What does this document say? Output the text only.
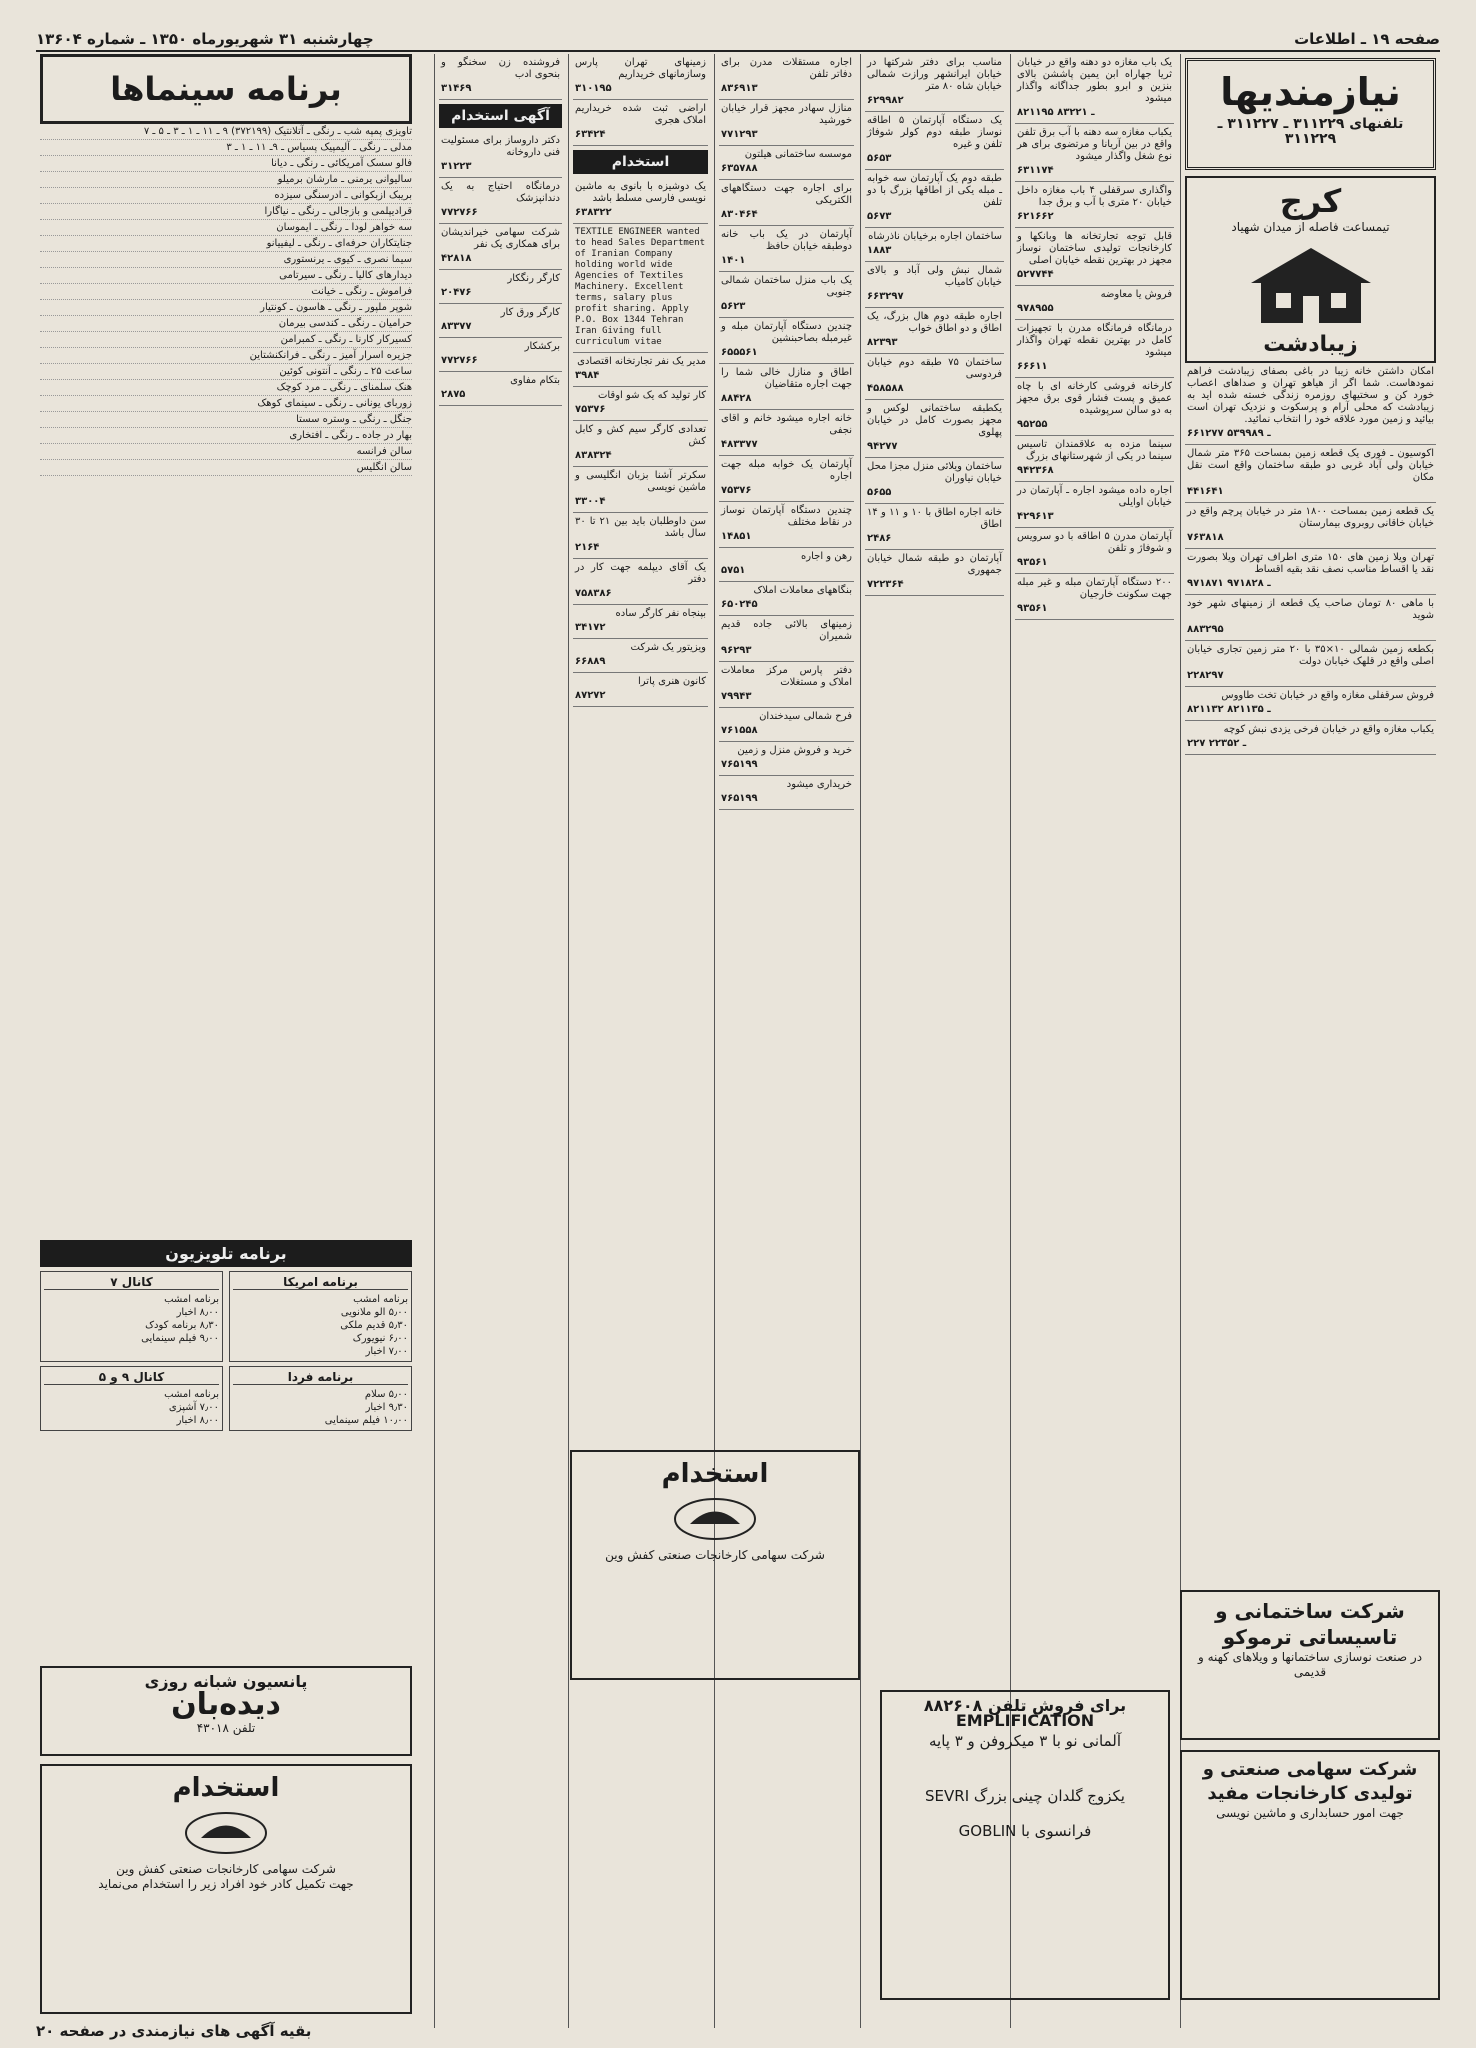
صفحه ۱۹ ـ اطلاعات
چهارشنبه ۳۱ شهریورماه ۱۳۵۰ ـ شماره ۱۳۶۰۴
نیازمندیها
تلفنهای ۳۱۱۲۲۹ ـ ۳۱۱۲۲۷ ـ ۳۱۱۲۲۹
کرج
تیمساعت فاصله از میدان شهیاد
زیبادشت
امکان داشتن خانه زیبا در باغی بصفای زیبادشت فراهم نمودهاست. شما اگر از هیاهو تهران و صداهای اعصاب خورد کن و سختیهای روزمره زندگی خسته شده اید به زیبادشت که محلی آرام و پرسکوت و نزدیک تهران است بیائید و زمین مورد علاقه خود را انتخاب نمائید.
۶۶۱۲۷۷ ـ ۵۳۹۹۸۹
اکوسیون ـ فوری یک قطعه زمین بمساحت ۳۶۵ متر شمال خیابان ولی آباد غربی دو طبقه ساختمان واقع است نقل مکان
۴۴۱۶۴۱
یک قطعه زمین بمساحت ۱۸۰۰ متر در خیابان پرچم واقع در خیابان خاقانی روبروی بیمارستان
۷۶۳۸۱۸
تهران ویلا زمین های ۱۵۰ متری اطراف تهران ویلا بصورت نقد یا اقساط مناسب نصف نقد بقیه اقساط
۹۷۱۸۷۱ ـ ۹۷۱۸۲۸
با ماهی ۸۰ تومان صاحب یک قطعه از زمینهای شهر خود شوید
۸۸۳۲۹۵
بکطعه زمین شمالی ۱۰×۳۵ با ۲۰ متر زمین تجاری خیابان اصلی واقع در قلهک خیابان دولت
۲۲۸۲۹۷
فروش سرقفلی مغازه واقع در خیابان تخت طاووس
۸۲۱۱۳۲ ـ ۸۲۱۱۳۵
یکباب مغازه واقع در خیابان فرخی یزدی نبش کوچه
۲۲۷ ـ ۲۲۳۵۲
یک باب مغازه دو دهنه واقع در خیابان ثریا جهاراه ابن یمین پاششن بالای بنزین و ابرو بطور جداگانه واگذار میشود
۸۲۱۱۹۵ ـ ۸۳۲۲۱
یکباب مغازه سه دهنه با آب برق تلفن واقع در بین آریانا و مرتضوی برای هر نوع شغل واگذار میشود
۶۳۱۱۷۴
واگذاری سرقفلی ۴ باب مغازه داخل خیابان ۲۰ متری با آب و برق جدا
۶۲۱۶۶۲
قابل توجه تجارتخانه ها وبانکها و کارخانجات تولیدی ساختمان نوساز مجهز در بهترین نقطه خیابان اصلی
۵۲۷۷۴۴
فروش یا معاوضه
۹۷۸۹۵۵
درمانگاه فرمانگاه مدرن با تجهیزات کامل در بهترین نقطه تهران واگذار میشود
۶۶۶۱۱
کارخانه فروشی کارخانه ای با چاه عمیق و پست فشار قوی برق مجهز به دو سالن سرپوشیده
۹۵۲۵۵
سینما مزده به علاقمندان تاسیس سینما در یکی از شهرستانهای بزرگ
۹۴۲۳۶۸
اجاره داده میشود اجاره ـ آپارتمان در خیابان اوایلی
۴۲۹۶۱۳
آپارتمان مدرن ۵ اطاقه با دو سرویس و شوفاژ و تلفن
۹۳۵۶۱
۲۰۰ دستگاه آپارتمان مبله و غیر مبله جهت سکونت خارجیان
۹۳۵۶۱
مناسب برای دفتر شرکتها در خیابان ایرانشهر ورازت شمالی خیابان شاه ۸۰ متر
۶۲۹۹۸۲
یک دستگاه آپارتمان ۵ اطاقه نوساز طبقه دوم کولر شوفاژ تلفن و غیره
۵۶۵۳
طبقه دوم یک آپارتمان سه خوابه ـ مبله یکی از اطاقها بزرگ با دو تلفن
۵۶۷۳
ساختمان اجاره برخیابان ناذرشاه
۱۸۸۳
شمال نبش ولی آباد و بالای خیابان کامیاب
۶۶۳۲۹۷
اجاره طبقه دوم هال بزرگ، یک اطاق و دو اطاق خواب
۸۲۳۹۳
ساختمان ۷۵ طبقه دوم خیابان فردوسی
۴۵۸۵۸۸
یکطبقه ساختمانی لوکس و مجهز بصورت کامل در خیابان پهلوی
۹۴۲۷۷
ساختمان ویلائی منزل مجزا محل خیابان نیاوران
۵۶۵۵
خانه اجاره اطاق با ۱۰ و ۱۱ و ۱۴ اطاق
۲۴۸۶
آپارتمان دو طبقه شمال خیابان جمهوری
۷۲۲۳۶۴
اجاره مستقلات مدرن برای دفاتر تلفن
۸۳۶۹۱۳
منازل سهادر مجهز قرار خیابان خورشید
۷۷۱۲۹۳
موسسه ساختمانی هیلتون
۶۳۵۷۸۸
برای اجاره جهت دستگاههای الکتریکی
۸۳۰۴۶۴
آپارتمان در یک باب خانه دوطبقه خیابان حافظ
۱۴۰۱
یک باب منزل ساختمان شمالی جنوبی
۵۶۲۳
چندین دستگاه آپارتمان مبله و غیرمبله بصاحبنشین
۶۵۵۵۶۱
اطاق و منازل خالی شما را جهت اجاره متقاضیان
۸۸۴۲۸
خانه اجاره میشود خانم و اقای نجفی
۴۸۳۳۷۷
آپارتمان یک خوابه مبله جهت اجاره
۷۵۳۷۶
چندین دستگاه آپارتمان نوساز در نقاط مختلف
۱۴۸۵۱
رهن و اجاره
۵۷۵۱
بنگاههای معاملات املاک
۶۵۰۲۴۵
زمینهای بالائی جاده قدیم شمیران
۹۶۲۹۳
دفتر پارس مرکز معاملات املاک و مستغلات
۷۹۹۴۳
فرح شمالی سیدخندان
۷۶۱۵۵۸
خرید و فروش منزل و زمین
۷۶۵۱۹۹
خریداری میشود
۷۶۵۱۹۹
زمینهای تهران پارس وسازمانهای خریداریم
۳۱۰۱۹۵
اراضی ثبت شده خریداریم املاک هجری
۶۳۴۲۴
استخدام
یک دوشیزه با بانوی به ماشین نویسی فارسی مسلط باشد
۶۳۸۳۲۲
TEXTILE ENGINEER wanted to head Sales Department of Iranian Company holding world wide Agencies of Textiles Machinery. Excellent terms, salary plus profit sharing. Apply P.O. Box 1344 Tehran Iran Giving full curriculum vitae
مدیر یک نفر تجارتخانه اقتصادی
۳۹۸۴
کار تولید که یک شو اوقات
۷۵۳۷۶
تعدادی کارگر سیم کش و کابل کش
۸۳۸۳۲۴
سکرتر آشنا بزبان انگلیسی و ماشین نویسی
۳۳۰۰۴
سن داوطلبان باید بین ۲۱ تا ۳۰ سال باشد
۲۱۶۴
یک آقای دیپلمه جهت کار در دفتر
۷۵۸۳۸۶
بپنجاه نفر کارگر ساده
۳۴۱۷۲
ویزیتور یک شرکت
۶۶۸۸۹
کانون هنری پاترا
۸۷۲۷۲
فروشنده زن سخنگو و بنحوی ادب
۳۱۴۶۹
آگهی استخدام
دکتر داروساز برای مسئولیت فنی داروخانه
۳۱۲۲۳
درمانگاه احتیاج به یک دندانپزشک
۷۷۲۷۶۶
شرکت سهامی خیراندیشان برای همکاری یک نفر
۴۲۸۱۸
کارگر رنگکار
۲۰۴۷۶
کارگر ورق کار
۸۳۳۷۷
برکشکار
۷۷۲۷۶۶
بتکام مفاوی
۲۸۷۵
برنامه سینماها
تاویزی پمپه شب ـ رنگی ـ آتلانتیک (۳۷۲۱۹۹) ۹ ـ ۱۱ ـ ۱ ـ ۳ ـ ۵ ـ ۷
مدلی ـ رنگی ـ آلیمپیک پسیاس ـ ۹ـ ۱۱ ـ ۱ ـ ۳
فالو سسک آمریکائی ـ رنگی ـ دیانا
سالیوانی یرمنی ـ مارشان برمیلو
بریبک ازبکوانی ـ ادرسنگی سیزده
قرادیپلمی و بازجالی ـ رنگی ـ نیاگارا
سه خواهر لودا ـ رنگی ـ ایموسان
جنایتکاران حرفه‌ای ـ رنگی ـ لیفییانو
سیما نصری ـ کیوی ـ یرنستوری
دیدارهای کالیا ـ رنگی ـ سیرتامی
فراموش ـ رنگی ـ خیانت
شوپر ملپور ـ رنگی ـ هاسون ـ کونتیار
حرامیان ـ رنگی ـ کندسی بیرمان
کسیرکار کارنا‌ ـ رنگی ـ کمبرامن
جزیره اسرار آمیز ـ رنگی ـ فرانکنشتاین
ساعت ۲۵ ـ رنگی ـ آنتونی کوئین
هنک سلمنای ـ رنگی ـ مرد کوچک
زوربای یونانی ـ رنگی ـ سینمای کوهک
جنگل ـ رنگی ـ وستره سستا
بهار در جاده ـ رنگی ـ افتخاری
سالن فرانسه
سالن انگلیس
برنامه تلویزیون
برنامه امریکا
برنامه امشب
۵٫۰۰ الو ملانویی
۵٫۳۰ قدیم ملکی
۶٫۰۰ نیویورک
۷٫۰۰ اخبار
کانال ۷
برنامه امشب
۸٫۰۰ اخبار
۸٫۳۰ برنامه کودک
۹٫۰۰ فیلم سینمایی
برنامه فردا
۵٫۰۰ سلام
۹٫۳۰ اخبار
۱۰٫۰۰ فیلم سینمایی
کانال ۹ و ۵
برنامه امشب
۷٫۰۰ آشپزی
۸٫۰۰ اخبار
پانسیون شبانه روزی
دیده‌بان
تلفن ۴۳۰۱۸
استخدام
شرکت سهامی کارخانجات صنعتی کفش وین
جهت تکمیل کادر خود افراد زیر را استخدام می‌نماید
استخدام
شرکت سهامی کارخانجات صنعتی کفش وین
برای فروش تلفن ۸۸۲۶۰۸
EMPLIFICATION
آلمانی نو با ۳ میکروفن و ۳ پایه
یکزوج گلدان چینی بزرگ SEVRI
فرانسوی با GOBLIN
شرکت ساختمانی و تاسیساتی ترموکو
در صنعت نوسازی ساختمانها و ویلاهای کهنه و قدیمی
شرکت سهامی صنعتی و تولیدی کارخانجات مفید
جهت امور حسابداری و ماشین نویسی
بقیه آگهی های نیازمندی در صفحه ۲۰
